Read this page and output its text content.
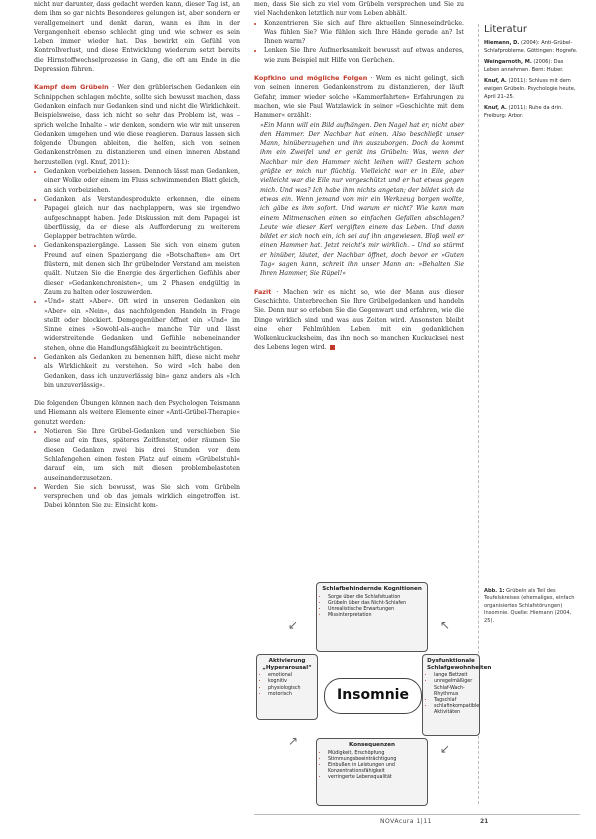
nicht nur darunter, dass gedacht werden kann, dieser Tag ist, an dem ihm so gar nichts Besonderes gelungen ist, aber sondern er verallgemeinert und denkt daran, wann es ihm in der Vergangenheit ebenso schlecht ging und wie schwer es sein Leben immer wieder hat. Das bewirkt ein Gefühl von Kontrollverlust, und diese Entwicklung wiederum setzt bereits die Hirnstoffwechselprozesse in Gang, die oft am Ende in die Depression führen.

Kampf dem Grübeln · Wer den grüblerischen Gedanken ein Schnippchen schlagen möchte, sollte sich bewusst machen, dass Gedanken einfach nur Gedanken sind und nicht die Wirklichkeit. Beispielsweise, dass ich nicht so sehr das Problem ist, was – sprich welche Inhalte – wir denken, sondern wie wir mit unseren Gedanken umgehen und wie diese reagieren. Daraus lassen sich folgende Übungen ableiten, die helfen, sich von seinen Gedankenströmen zu distanzieren und einen inneren Abstand herzustellen (vgl. Knuf, 2011):

• Gedanken vorbeiziehen lassen. Dennoch lässt man Gedanken, einer Wolke oder einem im Fluss schwimmenden Blatt gleich, an sich vorbeiziehen.
• Gedanken als Verstandesprodukte erkennen, die einem Papagei gleich nur das nachplappern, was sie irgendwo aufgeschnappt haben. Jede Diskussion mit dem Papagei ist überflüssig, da er diese als Aufforderung zu weiterem Geplapper betrachten würde.
• Gedankenspaziergänge. Lassen Sie sich von einem guten Freund auf einen Spaziergang die »Botschaften« am Ort flüstern, mit denen sich Ihr grübelnder Verstand am meisten quält. Nutzen Sie die Energie des ärgerlichen Gefühls aber dieser »Gedankenchronisten«, um 2 Phasen endgültig in Zaum zu halten oder loszuwerden.
• »Und« statt »Aber«. Oft wird in unseren Gedanken ein »Aber« ein »Nein«, das nachfolgenden Handeln in Frage stellt oder blockiert. Demgegenüber öffnet ein »Und« im Sinne eines »Sowohl-als-auch« manche Tür und lässt widerstreitende Gedanken und Gefühle nebeneinander stehen, ohne die Handlungsfähigkeit zu beeinträchtigen.
• Gedanken als Gedanken zu benennen hilft, diese nicht mehr als Wirklichkeit zu verstehen. So wird »Ich habe den Gedanken, dass ich unzuverlässig bin« ganz anders als »Ich bin unzuverlässig«.

Die folgenden Übungen können nach den Psychologen Teismann und Hiemann als weitere Elemente einer »Anti-Grübel-Therapie« genutzt werden:

• Notieren Sie Ihre Grübel-Gedanken und verschieben Sie diese auf ein fixes, späteres Zeitfenster, oder räumen Sie diesen Gedanken zwei bis drei Stunden vor dem Schlafengehen einen festen Platz auf einem »Grübelstuhl« darauf ein, um sich mit diesen problembelasteten auseinanderzusetzen.
• Werden Sie sich bewusst, was Sie sich vom Grübeln versprechen und ob das jemals wirklich eingetroffen ist. Dabei könnten Sie zu: Einsicht kom-

men, dass Sie sich zu viel vom Grübeln versprechen und Sie zu viel Nachdenken letztlich nur vom Leben abhält.

• Konzentrieren Sie sich auf Ihre aktuellen Sinneseindrücke. Was fühlen Sie? Wie fühlen sich Ihre Hände gerade an? Ist Ihnen warm?
• Lenken Sie Ihre Aufmerksamkeit bewusst auf etwas anderes, wie zum Beispiel mit Hilfe von Gerüchen.

Kopfkino und mögliche Folgen · Wem es nicht gelingt, sich von seinen inneren Gedankenstrom zu distanzieren, der läuft Gefahr, immer wieder solche »Kammerfahrten« Erfahrungen zu machen, wie sie Paul Watzlawick in seiner »Geschichte mit dem Hammer« erzählt:

»Ein Mann will ein Bild aufhängen. Den Nagel hat er, nicht aber den Hammer. Der Nachbar hat einen. Also beschließt unser Mann, hinüberzugehen und ihn auszuborgen. Doch da kommt ihm ein Zweifel und er gerät ins Grübeln: Was, wenn der Nachbar mir den Hammer nicht leihen will? Gestern schon grüßte er mich nur flüchtig. Vielleicht war er in Eile, aber vielleicht war die Eile nur vorgeschützt und er hat etwas gegen mich. Und was? Ich habe ihm nichts angetan; der bildet sich da etwas ein. Wenn jemand von mir ein Werkzeug borgen wollte, ich gäbe es ihm sofort. Und warum er nicht? Wie kann man einem Mitmenschen einen so einfachen Gefallen abschlagen? Leute wie dieser Kerl vergiften einem das Leben. Und dann bildet er sich noch ein, ich sei auf ihn angewiesen. Bloß weil er einen Hammer hat. Jetzt reicht's mir wirklich. – Und so stürmt er hinüber, läutet, der Nachbar öffnet, doch bevor er »Guten Tag« sagen kann, schreit ihn unser Mann an: »Behalten Sie Ihren Hammer, Sie Rüpel!«

Fazit · Machen wir es nicht so, wie der Mann aus dieser Geschichte. Unterbrechen Sie Ihre Grübelgedanken und handeln Sie. Denn nur so erleben Sie die Gegenwart und erfahren, wie die Dinge wirklich sind und was aus Zeiten wird. Ansonsten bleibt eine eher Fehlmühlen Leben mit ein gedanklichen Wolkenkuckucksheim, das ihn noch so manchen Kuckucksei nest des Lebens legen wird.

Literatur

Hiemann, D. (2004): Anti-Grübel-Schlafprobleme. Göttingen: Hogrefe.

Weingarnoth, M. (2006): Das Leben annehmen. Bern: Huber.

Knuf, A. (2011): Schluss mit dem ewigen Grübeln. Psychologie heute, April 21–25.

Knuf, A. (2011): Ruhe da drin. Freiburg: Arbor.

Abb. 1: Grübeln als Teil des Teufelskreises (ehemaliges, einfach organisiertes Schlafstörungen) Insomnie. Quelle: Hiemann (2004, 25).
Schlafbehindernde Kognitionen
• Sorge über die Schlafsituation
• Grübeln über das Nicht-Schlafen
• Unrealistische Erwartungen
• Missinterpretation
Aktivierung „Hyperarousal“
• emotional
• kognitiv
• physiologisch
• motorisch	Insomnie
Dysfunktionale Schlafgewohnheiten
• lange Bettzeit
• unregelmäßiger Schlaf-Wach-Rhythmus
• Tagschlaf
• schlafinkompatible Aktivitäten
Konsequenzen
• Müdigkeit, Erschöpfung
• Stimmungsbeeinträchtigung
• Einbußen in Leistungen und Konzentrationsfähigkeit
• verringerte Lebensqualität
↙	↖
↗
↙
NOVAcura 1|11	21
